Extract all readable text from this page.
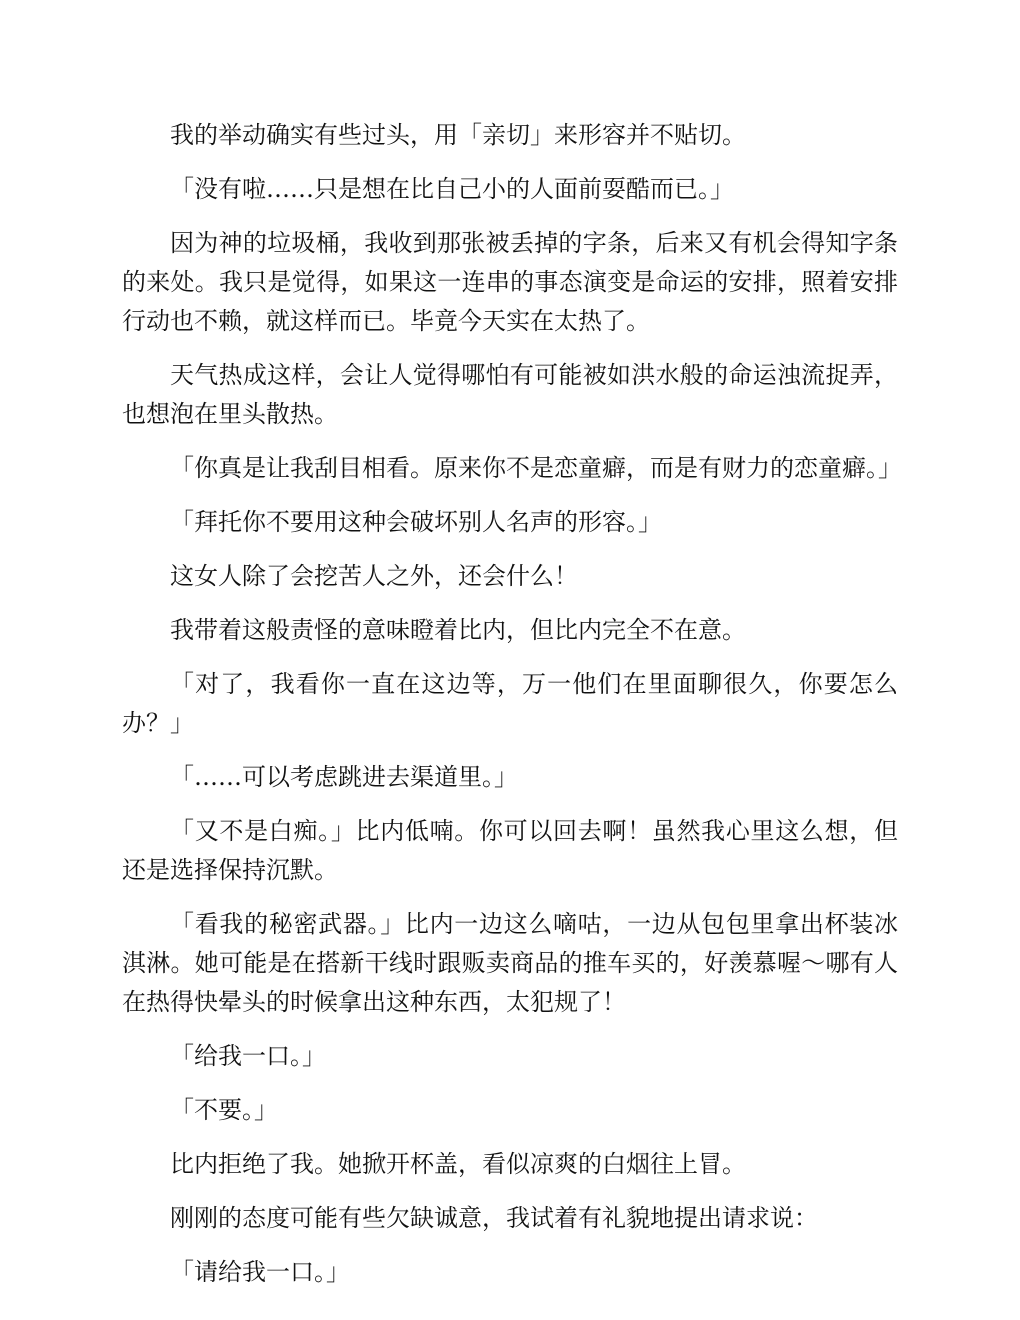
我的举动确实有些过头，用「亲切」来形容并不贴切。

「没有啦……只是想在比自己小的人面前耍酷而已。」

因为神的垃圾桶，我收到那张被丢掉的字条，后来又有机会得知字条的来处。我只是觉得，如果这一连串的事态演变是命运的安排，照着安排行动也不赖，就这样而已。毕竟今天实在太热了。

天气热成这样，会让人觉得哪怕有可能被如洪水般的命运浊流捉弄，也想泡在里头散热。

「你真是让我刮目相看。原来你不是恋童癖，而是有财力的恋童癖。」

「拜托你不要用这种会破坏别人名声的形容。」

这女人除了会挖苦人之外，还会什么！

我带着这般责怪的意味瞪着比内，但比内完全不在意。

「对了，我看你一直在这边等，万一他们在里面聊很久，你要怎么办？」

「……可以考虑跳进去渠道里。」

「又不是白痴。」比内低喃。你可以回去啊！虽然我心里这么想，但还是选择保持沉默。

「看我的秘密武器。」比内一边这么嘀咕，一边从包包里拿出杯装冰淇淋。她可能是在搭新干线时跟贩卖商品的推车买的，好羡慕喔～哪有人在热得快晕头的时候拿出这种东西，太犯规了！

「给我一口。」

「不要。」

比内拒绝了我。她掀开杯盖，看似凉爽的白烟往上冒。

刚刚的态度可能有些欠缺诚意，我试着有礼貌地提出请求说：

「请给我一口。」
